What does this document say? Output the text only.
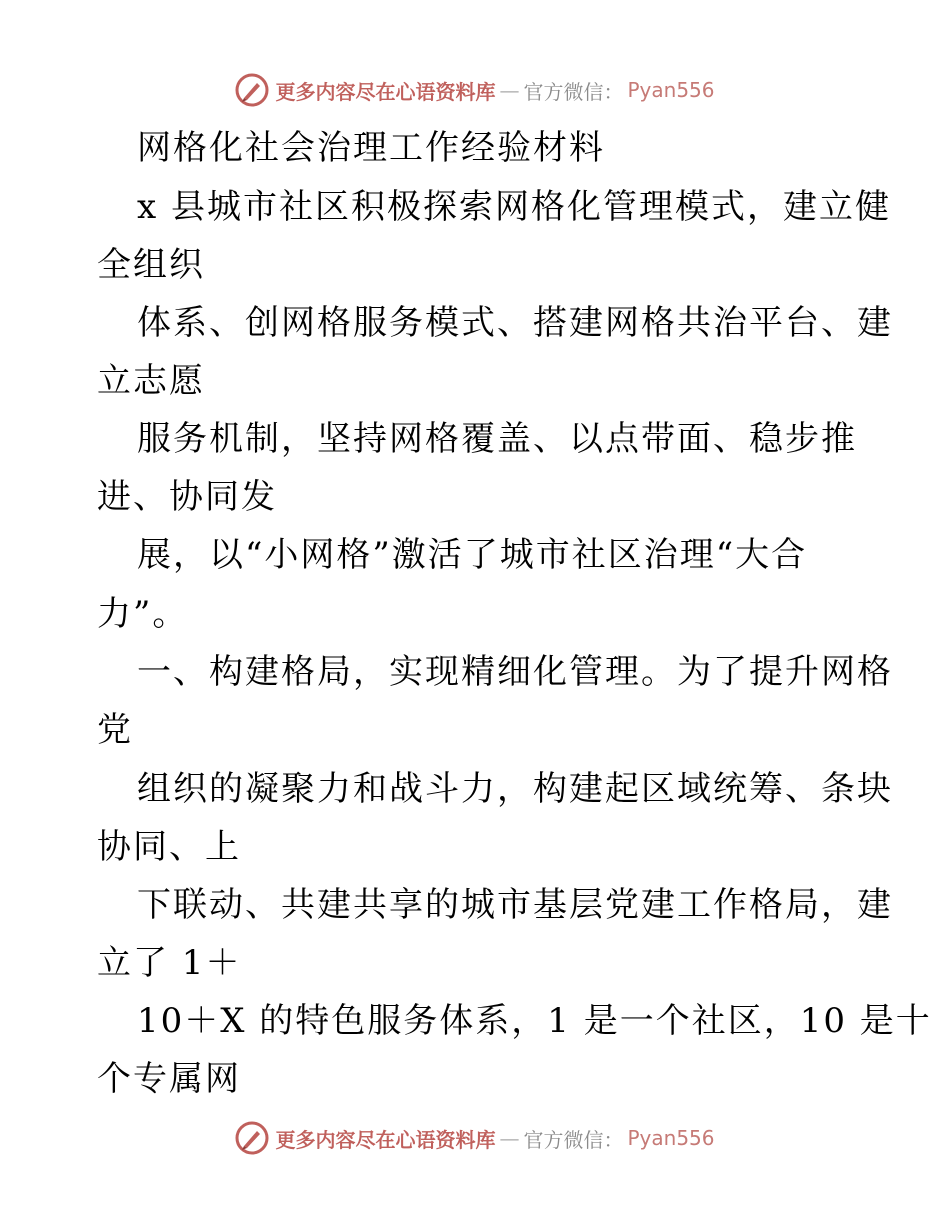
更多内容尽在心语资料库 — 官方微信： Pyan556
网格化社会治理工作经验材料
x 县城市社区积极探索网格化管理模式，建立健
全组织
体系、创网格服务模式、搭建网格共治平台、建
立志愿
服务机制，坚持网格覆盖、以点带面、稳步推
进、协同发
展，以“小网格”激活了城市社区治理“大合
力”。
一、构建格局，实现精细化管理。为了提升网格
党
组织的凝聚力和战斗力，构建起区域统筹、条块
协同、上
下联动、共建共享的城市基层党建工作格局，建
立了 1＋
10＋X 的特色服务体系，1 是一个社区，10 是十
个专属网
更多内容尽在心语资料库 — 官方微信： Pyan556
